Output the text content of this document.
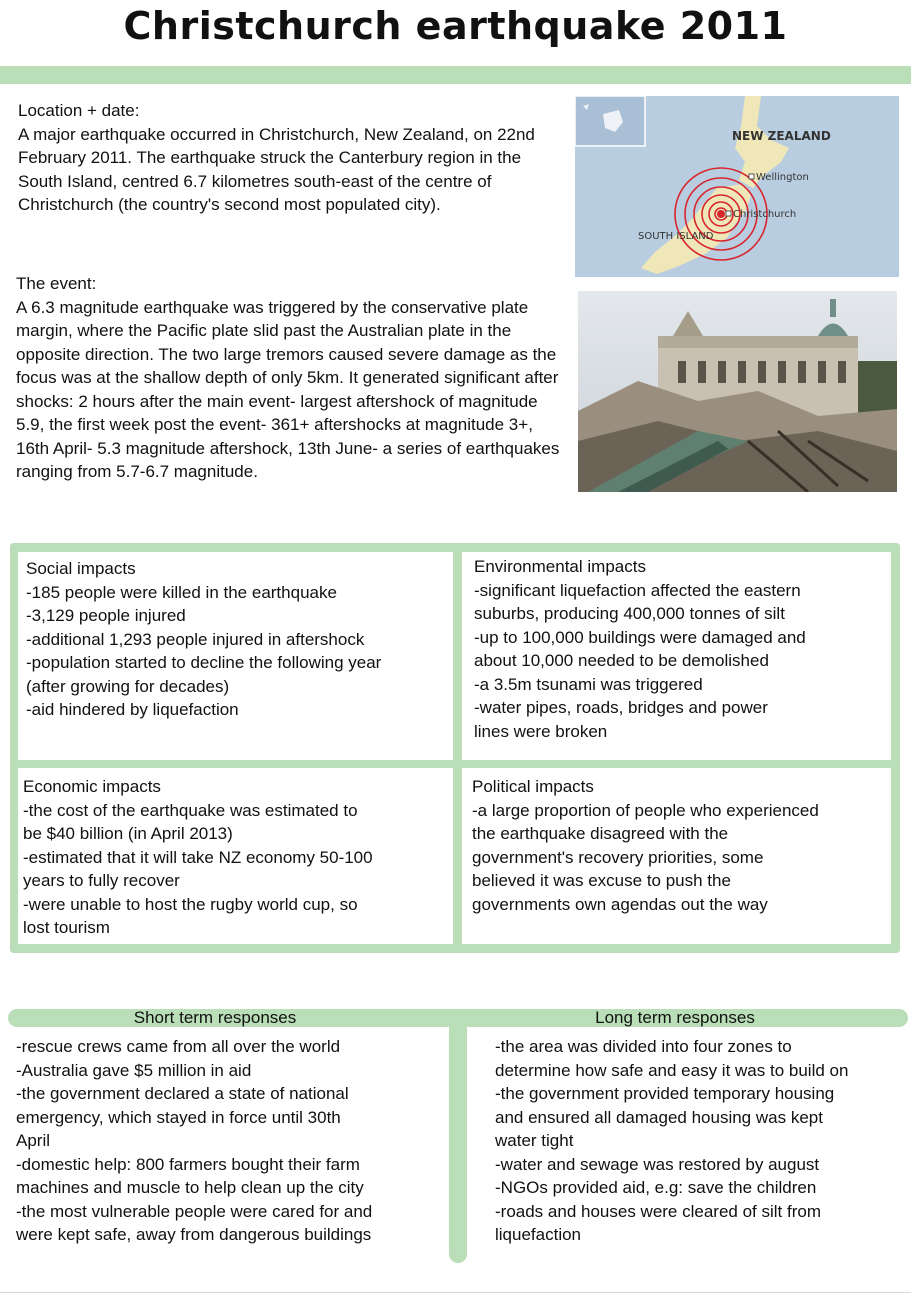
Christchurch earthquake 2011

Location + date:

A major earthquake occurred in Christchurch, New Zealand, on 22nd February 2011. The earthquake struck the Canterbury region in the South Island, centred 6.7 kilometres south-east of the centre of Christchurch (the country's second most populated city).

NEW ZEALAND
Wellington
Christchurch
SOUTH ISLAND

The event:

A 6.3 magnitude earthquake was triggered by the conservative plate margin, where the Pacific plate slid past the Australian plate in the opposite direction. The two large tremors caused severe damage as the focus was at the shallow depth of only 5km. It generated significant after shocks: 2 hours after the main event- largest aftershock of magnitude 5.9, the first week post the event- 361+ aftershocks at magnitude 3+, 16th April- 5.3 magnitude aftershock, 13th June- a series of earthquakes ranging from 5.7-6.7 magnitude.

Social impacts
-185 people were killed in the earthquake
-3,129 people injured
-additional 1,293 people injured in aftershock
-population started to decline the following year
(after growing for decades)
-aid hindered by liquefaction
Environmental impacts
-significant liquefaction affected the eastern
suburbs, producing 400,000 tonnes of silt
-up to 100,000 buildings were damaged and
about 10,000 needed to be demolished
-a 3.5m tsunami was triggered
-water pipes, roads, bridges and power
lines were broken
Economic impacts
-the cost of the earthquake was estimated to
be $40 billion (in April 2013)
-estimated that it will take NZ economy 50-100
years to fully recover
-were unable to host the rugby world cup, so
lost tourism
Political impacts
-a large proportion of people who experienced
the earthquake disagreed with the
government's recovery priorities, some
believed it was excuse to push the
governments own agendas out the way
Short term responses	Long term responses
-rescue crews came from all over the world
-Australia gave $5 million in aid
-the government declared a state of national
emergency, which stayed in force until 30th
April
-domestic help: 800 farmers bought their farm
machines and muscle to help clean up the city
-the most vulnerable people were cared for and
were kept safe, away from dangerous buildings
-the area was divided into four zones to
determine how safe and easy it was to build on
-the government provided temporary housing
and ensured all damaged housing was kept
water tight
-water and sewage was restored by august
-NGOs provided aid, e.g: save the children
-roads and houses were cleared of silt from
liquefaction
